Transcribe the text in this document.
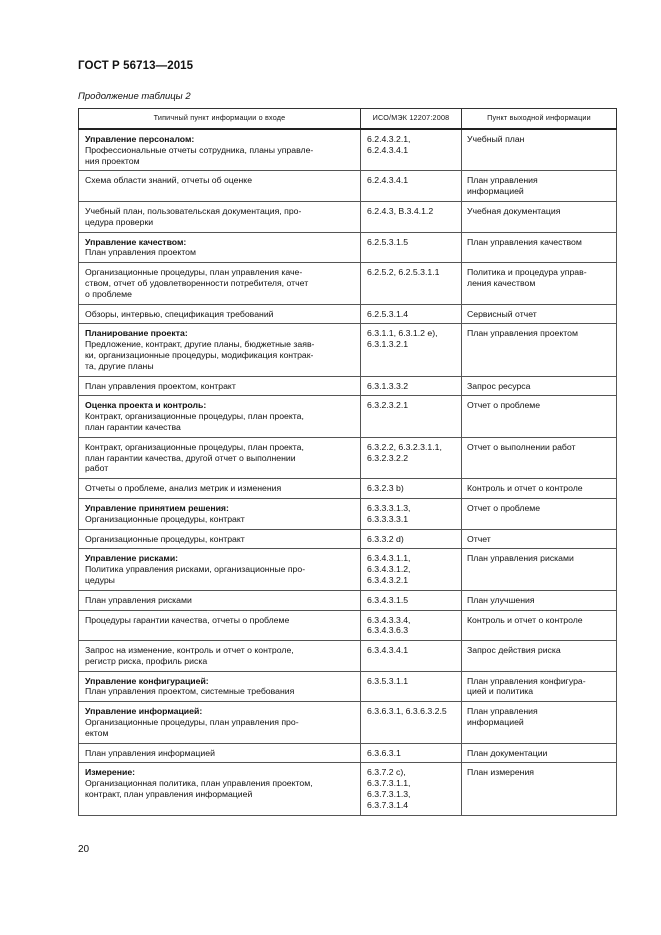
ГОСТ Р 56713—2015
Продолжение таблицы 2
Типичный пункт информации о входе	ИСО/МЭК 12207:2008	Пункт выходной информации

Управление персоналом:
Профессиональные отчеты сотрудника, планы управле-
ния проектом	6.2.4.3.2.1,
6.2.4.3.4.1	Учебный план

Схема области знаний, отчеты об оценке	6.2.4.3.4.1	План управления
информацией

Учебный план, пользовательская документация, про-
цедура проверки	6.2.4.3, B.3.4.1.2	Учебная документация

Управление качеством:
План управления проектом	6.2.5.3.1.5	План управления качеством

Организационные процедуры, план управления каче-
ством, отчет об удовлетворенности потребителя, отчет
о проблеме	6.2.5.2, 6.2.5.3.1.1	Политика и процедура управ-
ления качеством

Обзоры, интервью, спецификация требований	6.2.5.3.1.4	Сервисный отчет

Планирование проекта:
Предложение, контракт, другие планы, бюджетные заяв-
ки, организационные процедуры, модификация контрак-
та, другие планы	6.3.1.1, 6.3.1.2 e),
6.3.1.3.2.1	План управления проектом

План управления проектом, контракт	6.3.1.3.3.2	Запрос ресурса

Оценка проекта и контроль:
Контракт, организационные процедуры, план проекта,
план гарантии качества	6.3.2.3.2.1	Отчет о проблеме

Контракт, организационные процедуры, план проекта,
план гарантии качества, другой отчет о выполнении
работ	6.3.2.2, 6.3.2.3.1.1,
6.3.2.3.2.2	Отчет о выполнении работ

Отчеты о проблеме, анализ метрик и изменения	6.3.2.3 b)	Контроль и отчет о контроле

Управление принятием решения:
Организационные процедуры, контракт	6.3.3.3.1.3,
6.3.3.3.3.1	Отчет о проблеме

Организационные процедуры, контракт	6.3.3.2 d)	Отчет

Управление рисками:
Политика управления рисками, организационные про-
цедуры	6.3.4.3.1.1,
6.3.4.3.1.2,
6.3.4.3.2.1	План управления рисками

План управления рисками	6.3.4.3.1.5	План улучшения

Процедуры гарантии качества, отчеты о проблеме	6.3.4.3.3.4,
6.3.4.3.6.3	Контроль и отчет о контроле

Запрос на изменение, контроль и отчет о контроле,
регистр риска, профиль риска	6.3.4.3.4.1	Запрос действия риска

Управление конфигурацией:
План управления проектом, системные требования	6.3.5.3.1.1	План управления конфигура-
цией и политика

Управление информацией:
Организационные процедуры, план управления про-
ектом	6.3.6.3.1, 6.3.6.3.2.5	План управления
информацией

План управления информацией	6.3.6.3.1	План документации

Измерение:
Организационная политика, план управления проектом,
контракт, план управления информацией	6.3.7.2 c),
6.3.7.3.1.1,
6.3.7.3.1.3,
6.3.7.3.1.4	План измерения
20
